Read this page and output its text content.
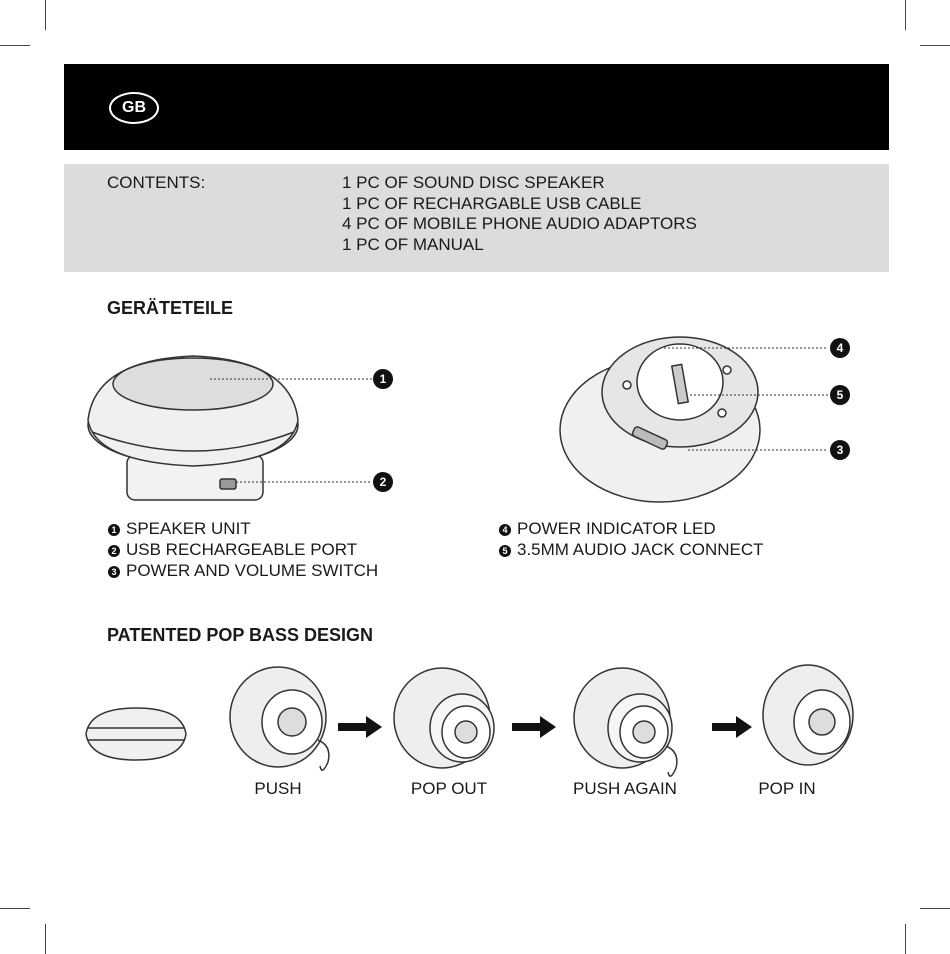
GB
CONTENTS:	1 PC OF SOUND DISC SPEAKER
1 PC OF RECHARGABLE USB CABLE
4 PC OF MOBILE PHONE AUDIO ADAPTORS
1 PC OF MANUAL
GERÄTETEILE
1
2
4
5
3
1 SPEAKER UNIT
2 USB RECHARGEABLE PORT
3 POWER AND VOLUME SWITCH
4 POWER INDICATOR LED
5 3.5MM AUDIO JACK CONNECT
PATENTED POP BASS DESIGN
PUSH	POP OUT	PUSH AGAIN	POP IN
